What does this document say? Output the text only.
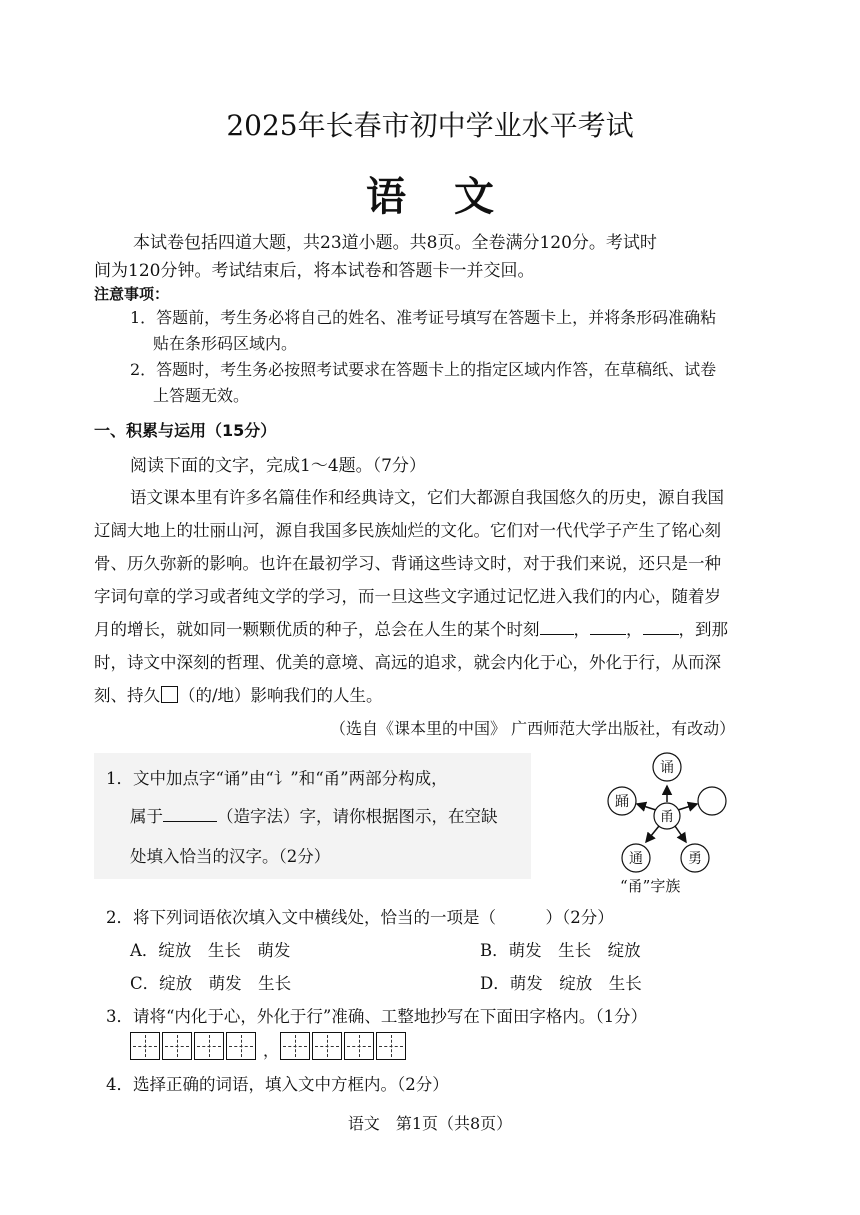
2025年长春市初中学业水平考试
语文
本试卷包括四道大题，共23道小题。共8页。全卷满分120分。考试时
间为120分钟。考试结束后，将本试卷和答题卡一并交回。
注意事项：
1．答题前，考生务必将自己的姓名、准考证号填写在答题卡上，并将条形码准确粘
贴在条形码区域内。
2．答题时，考生务必按照考试要求在答题卡上的指定区域内作答，在草稿纸、试卷
上答题无效。
一、积累与运用（15分）
阅读下面的文字，完成1～4题。（7分）
语文课本里有许多名篇佳作和经典诗文，它们大都源自我国悠久的历史，源自我国
辽阔大地上的壮丽山河，源自我国多民族灿烂的文化。它们对一代代学子产生了铭心刻
骨、历久弥新的影响。也许在最初学习、背诵这些诗文时，对于我们来说，还只是一种
字词句章的学习或者纯文学的学习，而一旦这些文字通过记忆进入我们的内心，随着岁
月的增长，就如同一颗颗优质的种子，总会在人生的某个时刻 ， ， ，到那
时，诗文中深刻的哲理、优美的意境、高远的追求，就会内化于心，外化于行，从而深
刻、持久 （的/地）影响我们的人生。
（选自《课本里的中国》 广西师范大学出版社，有改动）
1．文中加点字“诵”由“讠”和“甬”两部分构成，
属于	（造字法）字，请你根据图示，在空缺
处填入恰当的汉字。（2分）
甬
诵
踊
通	勇
“甬”字族
2．将下列词语依次填入文中横线处，恰当的一项是（　　　）（2分）
A．绽放　生长　萌发	B．萌发　生长　绽放
C．绽放　萌发　生长	D．萌发　绽放　生长
3．请将“内化于心，外化于行”准确、工整地抄写在下面田字格内。（1分）
，
4．选择正确的词语，填入文中方框内。（2分）
语文　第1页（共8页）
